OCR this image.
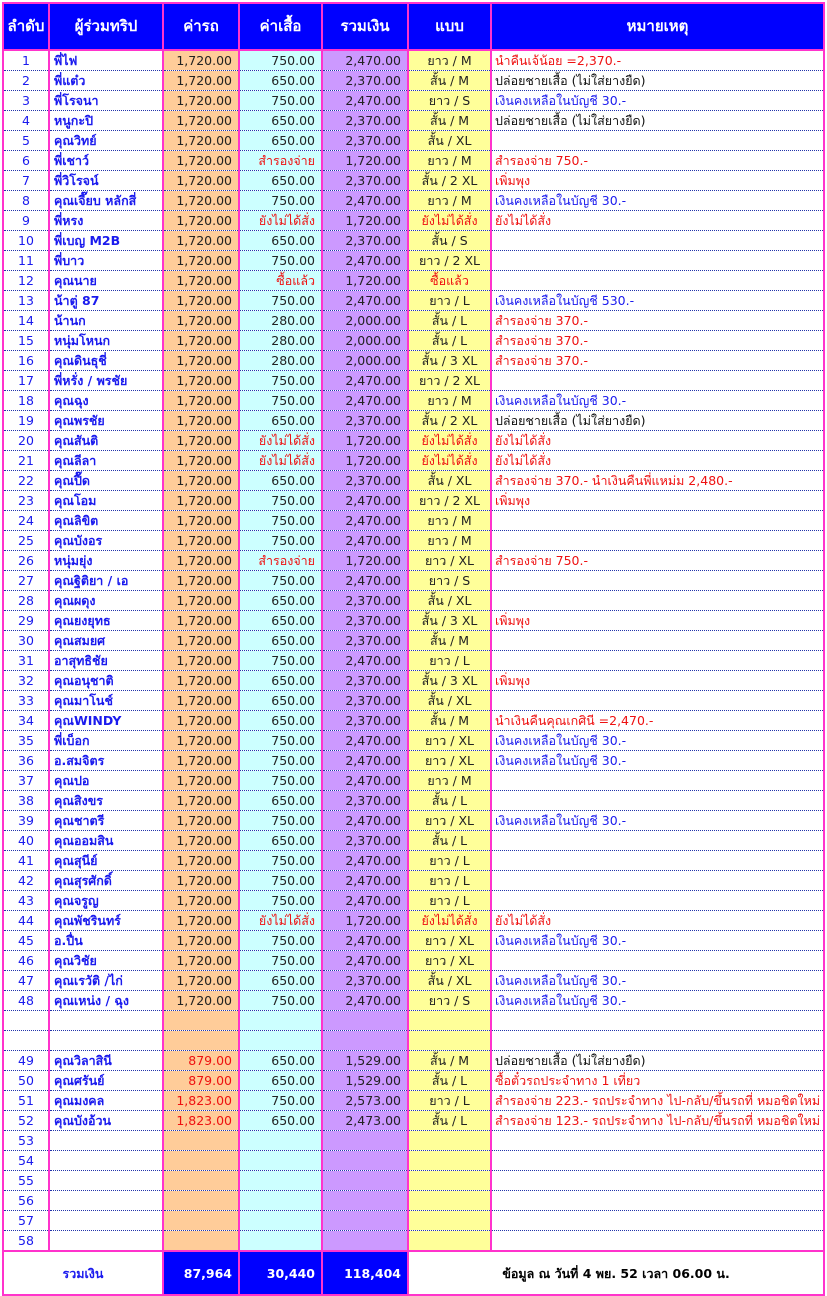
ลำดับ	ผู้ร่วมทริป	ค่ารถ	ค่าเสื้อ	รวมเงิน	แบบ	หมายเหตุ
1	พี่ไฟ	1,720.00	750.00	2,470.00	ยาว / M	นำคืนเจ้น้อย =2,370.-
2	พี่แต๋ว	1,720.00	650.00	2,370.00	สั้น / M	ปล่อยชายเสื้อ (ไม่ใส่ยางยืด)
3	พี่โรจนา	1,720.00	750.00	2,470.00	ยาว / S	เงินคงเหลือในบัญชี 30.-
4	หนูกะปิ	1,720.00	650.00	2,370.00	สั้น / M	ปล่อยชายเสื้อ (ไม่ใส่ยางยืด)
5	คุณวิทย์	1,720.00	650.00	2,370.00	สั้น / XL	
6	พี่เชาว์	1,720.00	สำรองจ่าย	1,720.00	ยาว / M	สำรองจ่าย 750.-
7	พี่วิโรจน์	1,720.00	650.00	2,370.00	สั้น / 2 XL	เพิ่มพุง
8	คุณเจี๊ยบ หลักสี่	1,720.00	750.00	2,470.00	ยาว / M	เงินคงเหลือในบัญชี 30.-
9	พี่หรง	1,720.00	ยังไม่ได้สั่ง	1,720.00	ยังไม่ได้สั่ง	ยังไม่ได้สั่ง
10	พี่เบญ M2B	1,720.00	650.00	2,370.00	สั้น / S	
11	พี่บาว	1,720.00	750.00	2,470.00	ยาว / 2 XL	
12	คุณนาย	1,720.00	ซื้อแล้ว	1,720.00	ซื้อแล้ว	
13	น้าตู่ 87	1,720.00	750.00	2,470.00	ยาว / L	เงินคงเหลือในบัญชี 530.-
14	น้านก	1,720.00	280.00	2,000.00	สั้น / L	สำรองจ่าย 370.-
15	หนุ่มโหนก	1,720.00	280.00	2,000.00	สั้น / L	สำรองจ่าย 370.-
16	คุณดินธุชี่	1,720.00	280.00	2,000.00	สั้น / 3 XL	สำรองจ่าย 370.-
17	พี่หรั่ง / พรชัย	1,720.00	750.00	2,470.00	ยาว / 2 XL	
18	คุณฉุง	1,720.00	750.00	2,470.00	ยาว / M	เงินคงเหลือในบัญชี 30.-
19	คุณพรชัย	1,720.00	650.00	2,370.00	สั้น / 2 XL	ปล่อยชายเสื้อ (ไม่ใส่ยางยืด)
20	คุณสันติ	1,720.00	ยังไม่ได้สั่ง	1,720.00	ยังไม่ได้สั่ง	ยังไม่ได้สั่ง
21	คุณลีลา	1,720.00	ยังไม่ได้สั่ง	1,720.00	ยังไม่ได้สั่ง	ยังไม่ได้สั่ง
22	คุณปื๊ด	1,720.00	650.00	2,370.00	สั้น / XL	สำรองจ่าย 370.- นำเงินคืนพี่แหม่ม 2,480.-
23	คุณโอม	1,720.00	750.00	2,470.00	ยาว / 2 XL	เพิ่มพุง
24	คุณลิขิต	1,720.00	750.00	2,470.00	ยาว / M	
25	คุณบังอร	1,720.00	750.00	2,470.00	ยาว / M	
26	หนุ่มยุ่ง	1,720.00	สำรองจ่าย	1,720.00	ยาว / XL	สำรองจ่าย 750.-
27	คุณฐิติยา / เอ	1,720.00	750.00	2,470.00	ยาว / S	
28	คุณผดุง	1,720.00	650.00	2,370.00	สั้น / XL	
29	คุณยงยุทธ	1,720.00	650.00	2,370.00	สั้น / 3 XL	เพิ่มพุง
30	คุณสมยศ	1,720.00	650.00	2,370.00	สั้น / M	
31	อาสุทธิชัย	1,720.00	750.00	2,470.00	ยาว / L	
32	คุณอนุชาติ	1,720.00	650.00	2,370.00	สั้น / 3 XL	เพิ่มพุง
33	คุณมาโนช์	1,720.00	650.00	2,370.00	สั้น / XL	
34	คุณWINDY	1,720.00	650.00	2,370.00	สั้น / M	นำเงินคืนคุณเกศินี =2,470.-
35	พี่เบ็อก	1,720.00	750.00	2,470.00	ยาว / XL	เงินคงเหลือในบัญชี 30.-
36	อ.สมจิตร	1,720.00	750.00	2,470.00	ยาว / XL	เงินคงเหลือในบัญชี 30.-
37	คุณปอ	1,720.00	750.00	2,470.00	ยาว / M	
38	คุณสิงขร	1,720.00	650.00	2,370.00	สั้น / L	
39	คุณชาตรี	1,720.00	750.00	2,470.00	ยาว / XL	เงินคงเหลือในบัญชี 30.-
40	คุณออมสิน	1,720.00	650.00	2,370.00	สั้น / L	
41	คุณสุนีย์	1,720.00	750.00	2,470.00	ยาว / L	
42	คุณสุรศักดิ์	1,720.00	750.00	2,470.00	ยาว / L	
43	คุณจรูญ	1,720.00	750.00	2,470.00	ยาว / L	
44	คุณพัชรินทร์	1,720.00	ยังไม่ได้สั่ง	1,720.00	ยังไม่ได้สั่ง	ยังไม่ได้สั่ง
45	อ.ปื่น	1,720.00	750.00	2,470.00	ยาว / XL	เงินคงเหลือในบัญชี 30.-
46	คุณวิชัย	1,720.00	750.00	2,470.00	ยาว / XL	
47	คุณเรวัติ /ไก่	1,720.00	650.00	2,370.00	สั้น / XL	เงินคงเหลือในบัญชี 30.-
48	คุณเหน่ง / ฉุง	1,720.00	750.00	2,470.00	ยาว / S	เงินคงเหลือในบัญชี 30.-

49	คุณวิลาสินี	879.00	650.00	1,529.00	สั้น / M	ปล่อยชายเสื้อ (ไม่ใส่ยางยืด)
50	คุณศรันย์	879.00	650.00	1,529.00	สั้น / L	ซื้อตั๋วรถประจำทาง 1 เที่ยว
51	คุณมงคล	1,823.00	750.00	2,573.00	ยาว / L	สำรองจ่าย 223.- รถประจำทาง ไป-กลับ/ขึ้นรถที่ หมอชิตใหม่
52	คุณบังอ้วน	1,823.00	650.00	2,473.00	สั้น / L	สำรองจ่าย 123.- รถประจำทาง ไป-กลับ/ขึ้นรถที่ หมอชิตใหม่
53						
54						
55						
56						
57						
58						
รวมเงิน		87,964	30,440	118,404	ข้อมูล ณ วันที่ 4 พย. 52 เวลา 06.00 น.	
